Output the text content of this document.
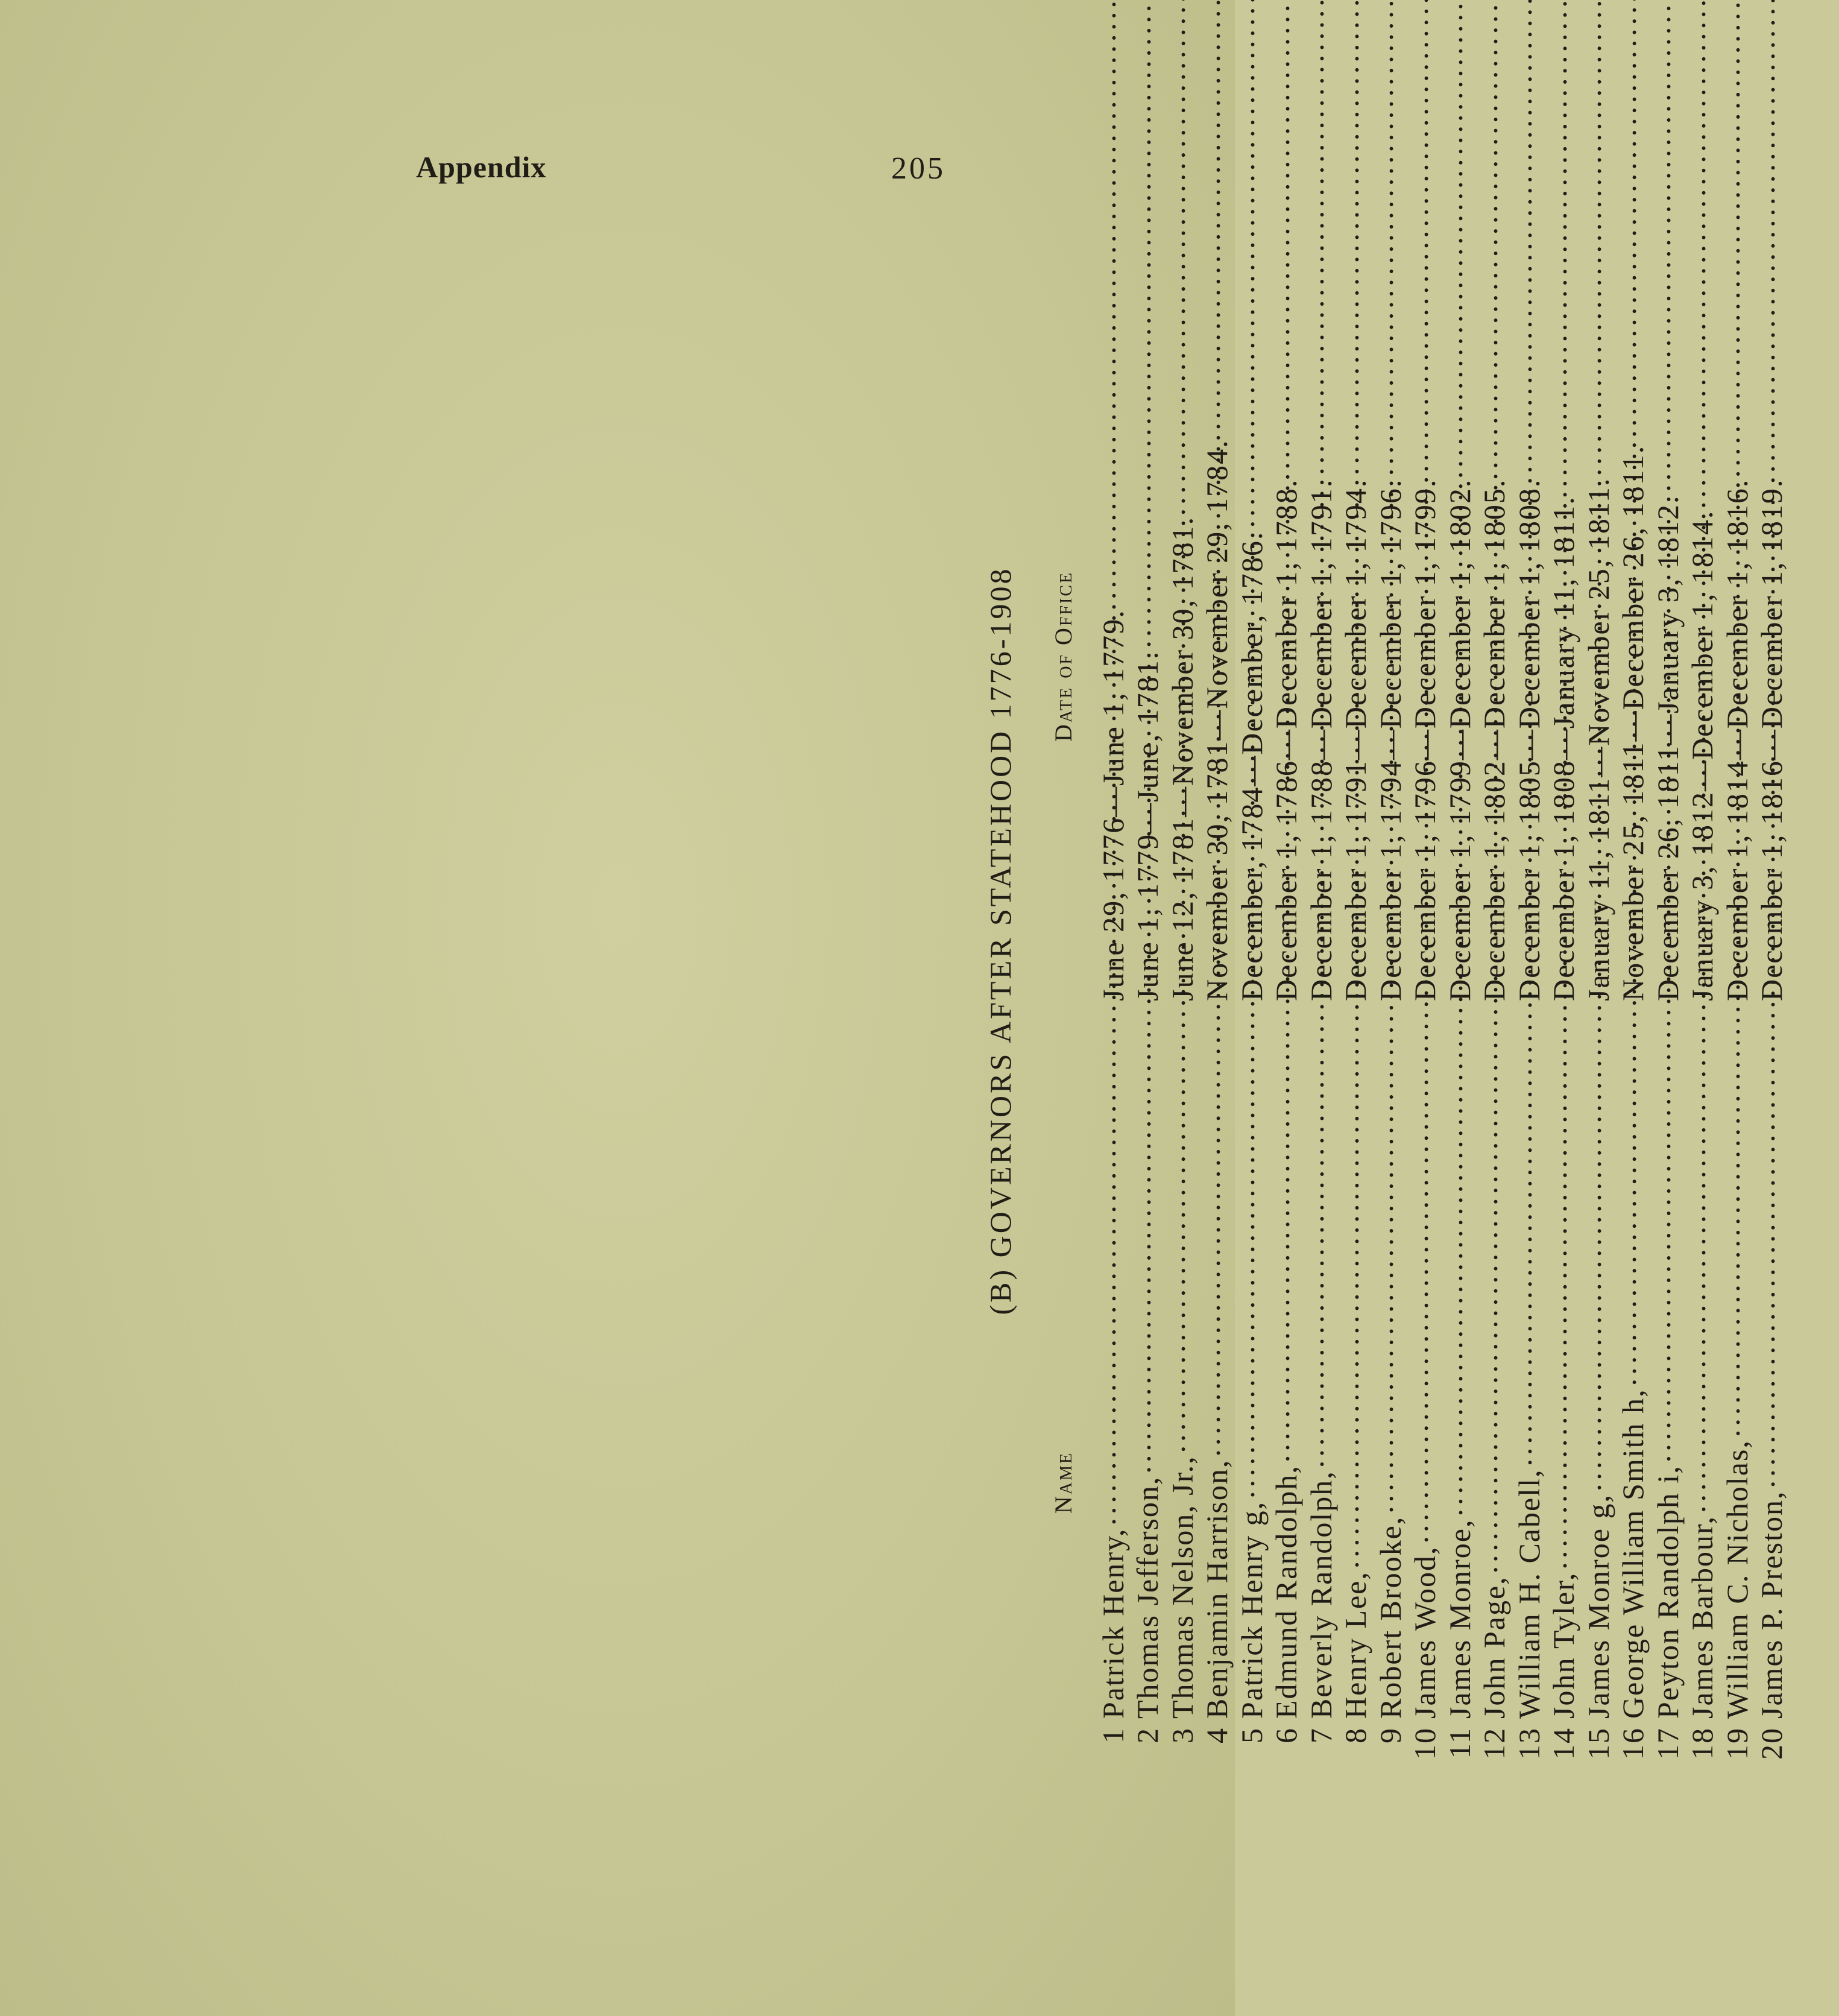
Appendix	205
(B) GOVERNORS AFTER STATEHOOD 1776-1908
Name
Date of Office
1
Patrick Henry,
.....
June 29, 1776—June 1, 1779.
2
Thomas Jefferson,
.....
June 1, 1779—June, 1781.
3
Thomas Nelson, Jr.,
.....
June 12, 1781—November 30, 1781.
4
Benjamin Harrison,
.....
November 30, 1781—November 29, 1784.
5
Patrick Henry g,
.....
December, 1784—December, 1786.
6
Edmund Randolph,
.....
December 1, 1786—December 1, 1788.
7
Beverly Randolph,
.....
December 1, 1788—December 1, 1791.
8
Henry Lee,
.....
December 1, 1791—December 1, 1794.
9
Robert Brooke,
.....
December 1, 1794—December 1, 1796.
10
James Wood,
.....
December 1, 1796—December 1, 1799.
11
James Monroe,
.....
December 1, 1799—December 1, 1802.
12
John Page,
.....
December 1, 1802—December 1, 1805.
13
William H. Cabell,
.....
December 1, 1805—December 1, 1808.
14
John Tyler,
.....
December 1, 1808—January 11, 1811.
15
James Monroe g,
.....
January 11, 1811—November 25, 1811.
16
George William Smith h,
.....
November 25, 1811—December 26, 1811.
17
Peyton Randolph i,
.....
December 26, 1811—January 3, 1812.
18
James Barbour,
.....
January 3, 1812—December 1, 1814.
19
William C. Nicholas,
.....
December 1, 1814—December 1, 1816.
20
James P. Preston,
.....
December 1, 1816—December 1, 1819.
